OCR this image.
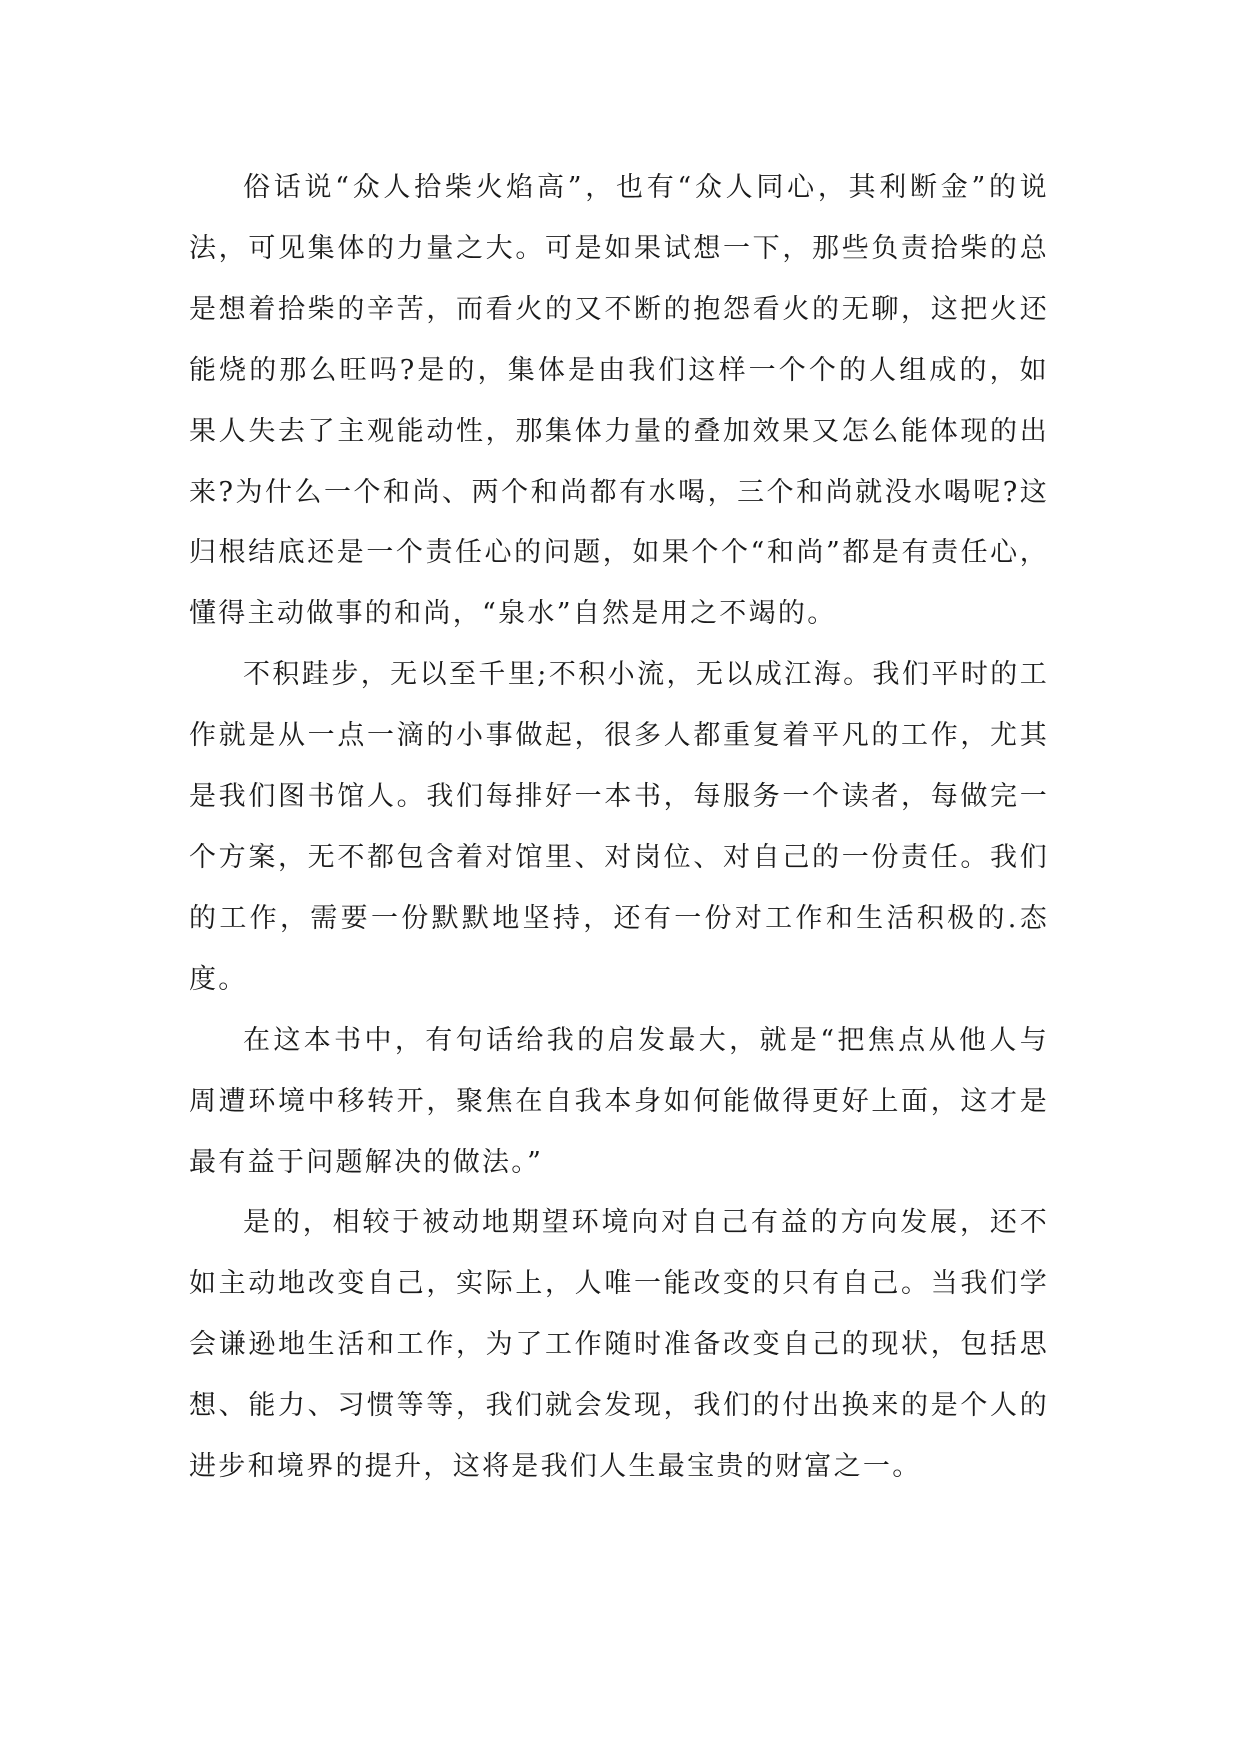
俗话说“众人拾柴火焰高”，也有“众人同心，其利断金”的说法，可见集体的力量之大。可是如果试想一下，那些负责拾柴的总是想着拾柴的辛苦，而看火的又不断的抱怨看火的无聊，这把火还能烧的那么旺吗?是的，集体是由我们这样一个个的人组成的，如果人失去了主观能动性，那集体力量的叠加效果又怎么能体现的出来?为什么一个和尚、两个和尚都有水喝，三个和尚就没水喝呢?这归根结底还是一个责任心的问题，如果个个“和尚”都是有责任心，懂得主动做事的和尚，“泉水”自然是用之不竭的。

不积跬步，无以至千里;不积小流，无以成江海。我们平时的工作就是从一点一滴的小事做起，很多人都重复着平凡的工作，尤其是我们图书馆人。我们每排好一本书，每服务一个读者，每做完一个方案，无不都包含着对馆里、对岗位、对自己的一份责任。我们的工作，需要一份默默地坚持，还有一份对工作和生活积极的.态度。

在这本书中，有句话给我的启发最大，就是“把焦点从他人与周遭环境中移转开，聚焦在自我本身如何能做得更好上面，这才是最有益于问题解决的做法。”

是的，相较于被动地期望环境向对自己有益的方向发展，还不如主动地改变自己，实际上，人唯一能改变的只有自己。当我们学会谦逊地生活和工作，为了工作随时准备改变自己的现状，包括思想、能力、习惯等等，我们就会发现，我们的付出换来的是个人的进步和境界的提升，这将是我们人生最宝贵的财富之一。
